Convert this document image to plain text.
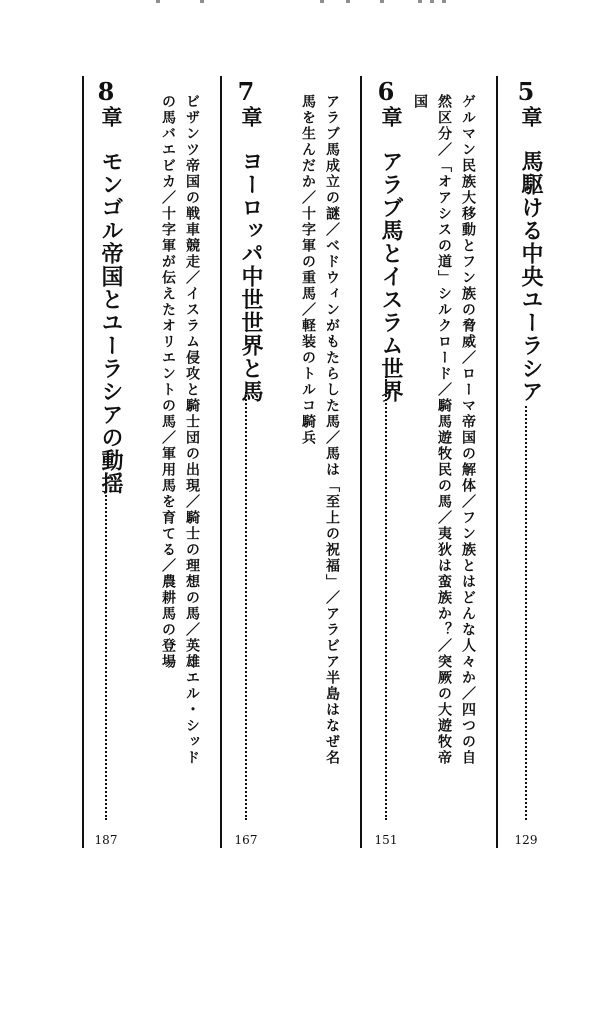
5
章
馬駆ける中央ユーラシア
129
ゲルマン民族大移動とフン族の脅威／ローマ帝国の解体／フン族とはどんな人々か／四つの自然区分／「オアシスの道」シルクロード／騎馬遊牧民の馬／夷狄は蛮族か？／突厥の大遊牧帝国
6
章
アラブ馬とイスラム世界
151
アラブ馬成立の謎／ベドウィンがもたらした馬／馬は「至上の祝福」／アラビア半島はなぜ名馬を生んだか／十字軍の重馬／軽装のトルコ騎兵
7
章
ヨーロッパ中世世界と馬
167
ビザンツ帝国の戦車競走／イスラム侵攻と騎士団の出現／騎士の理想の馬／英雄エル・シッドの馬バエビカ／十字軍が伝えたオリエントの馬／軍用馬を育てる／農耕馬の登場
8
章
モンゴル帝国とユーラシアの動揺
187
